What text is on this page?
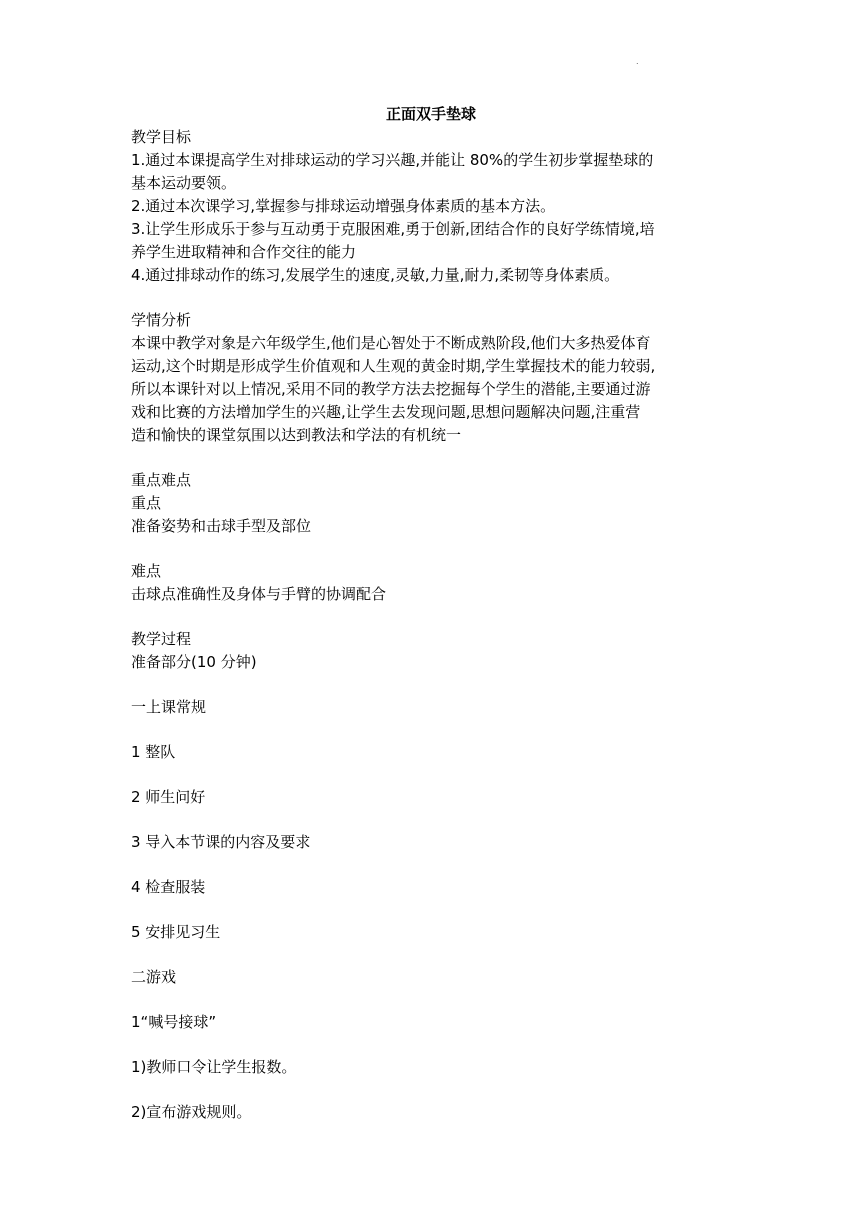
.
正面双手垫球
教学目标
1.通过本课提高学生对排球运动的学习兴趣,并能让 80%的学生初步掌握垫球的
基本运动要领。
2.通过本次课学习,掌握参与排球运动增强身体素质的基本方法。
3.让学生形成乐于参与互动勇于克服困难,勇于创新,团结合作的良好学练情境,培
养学生进取精神和合作交往的能力
4.通过排球动作的练习,发展学生的速度,灵敏,力量,耐力,柔韧等身体素质。
学情分析
本课中教学对象是六年级学生,他们是心智处于不断成熟阶段,他们大多热爱体育
运动,这个时期是形成学生价值观和人生观的黄金时期,学生掌握技术的能力较弱,
所以本课针对以上情况,采用不同的教学方法去挖掘每个学生的潜能,主要通过游
戏和比赛的方法增加学生的兴趣,让学生去发现问题,思想问题解决问题,注重营
造和愉快的课堂氛围以达到教法和学法的有机统一
重点难点
重点
准备姿势和击球手型及部位
难点
击球点准确性及身体与手臂的协调配合
教学过程
准备部分(10 分钟)
一上课常规
1 整队
2 师生问好
3 导入本节课的内容及要求
4 检查服装
5 安排见习生
二游戏
1“喊号接球”
1)教师口令让学生报数。
2)宣布游戏规则。
